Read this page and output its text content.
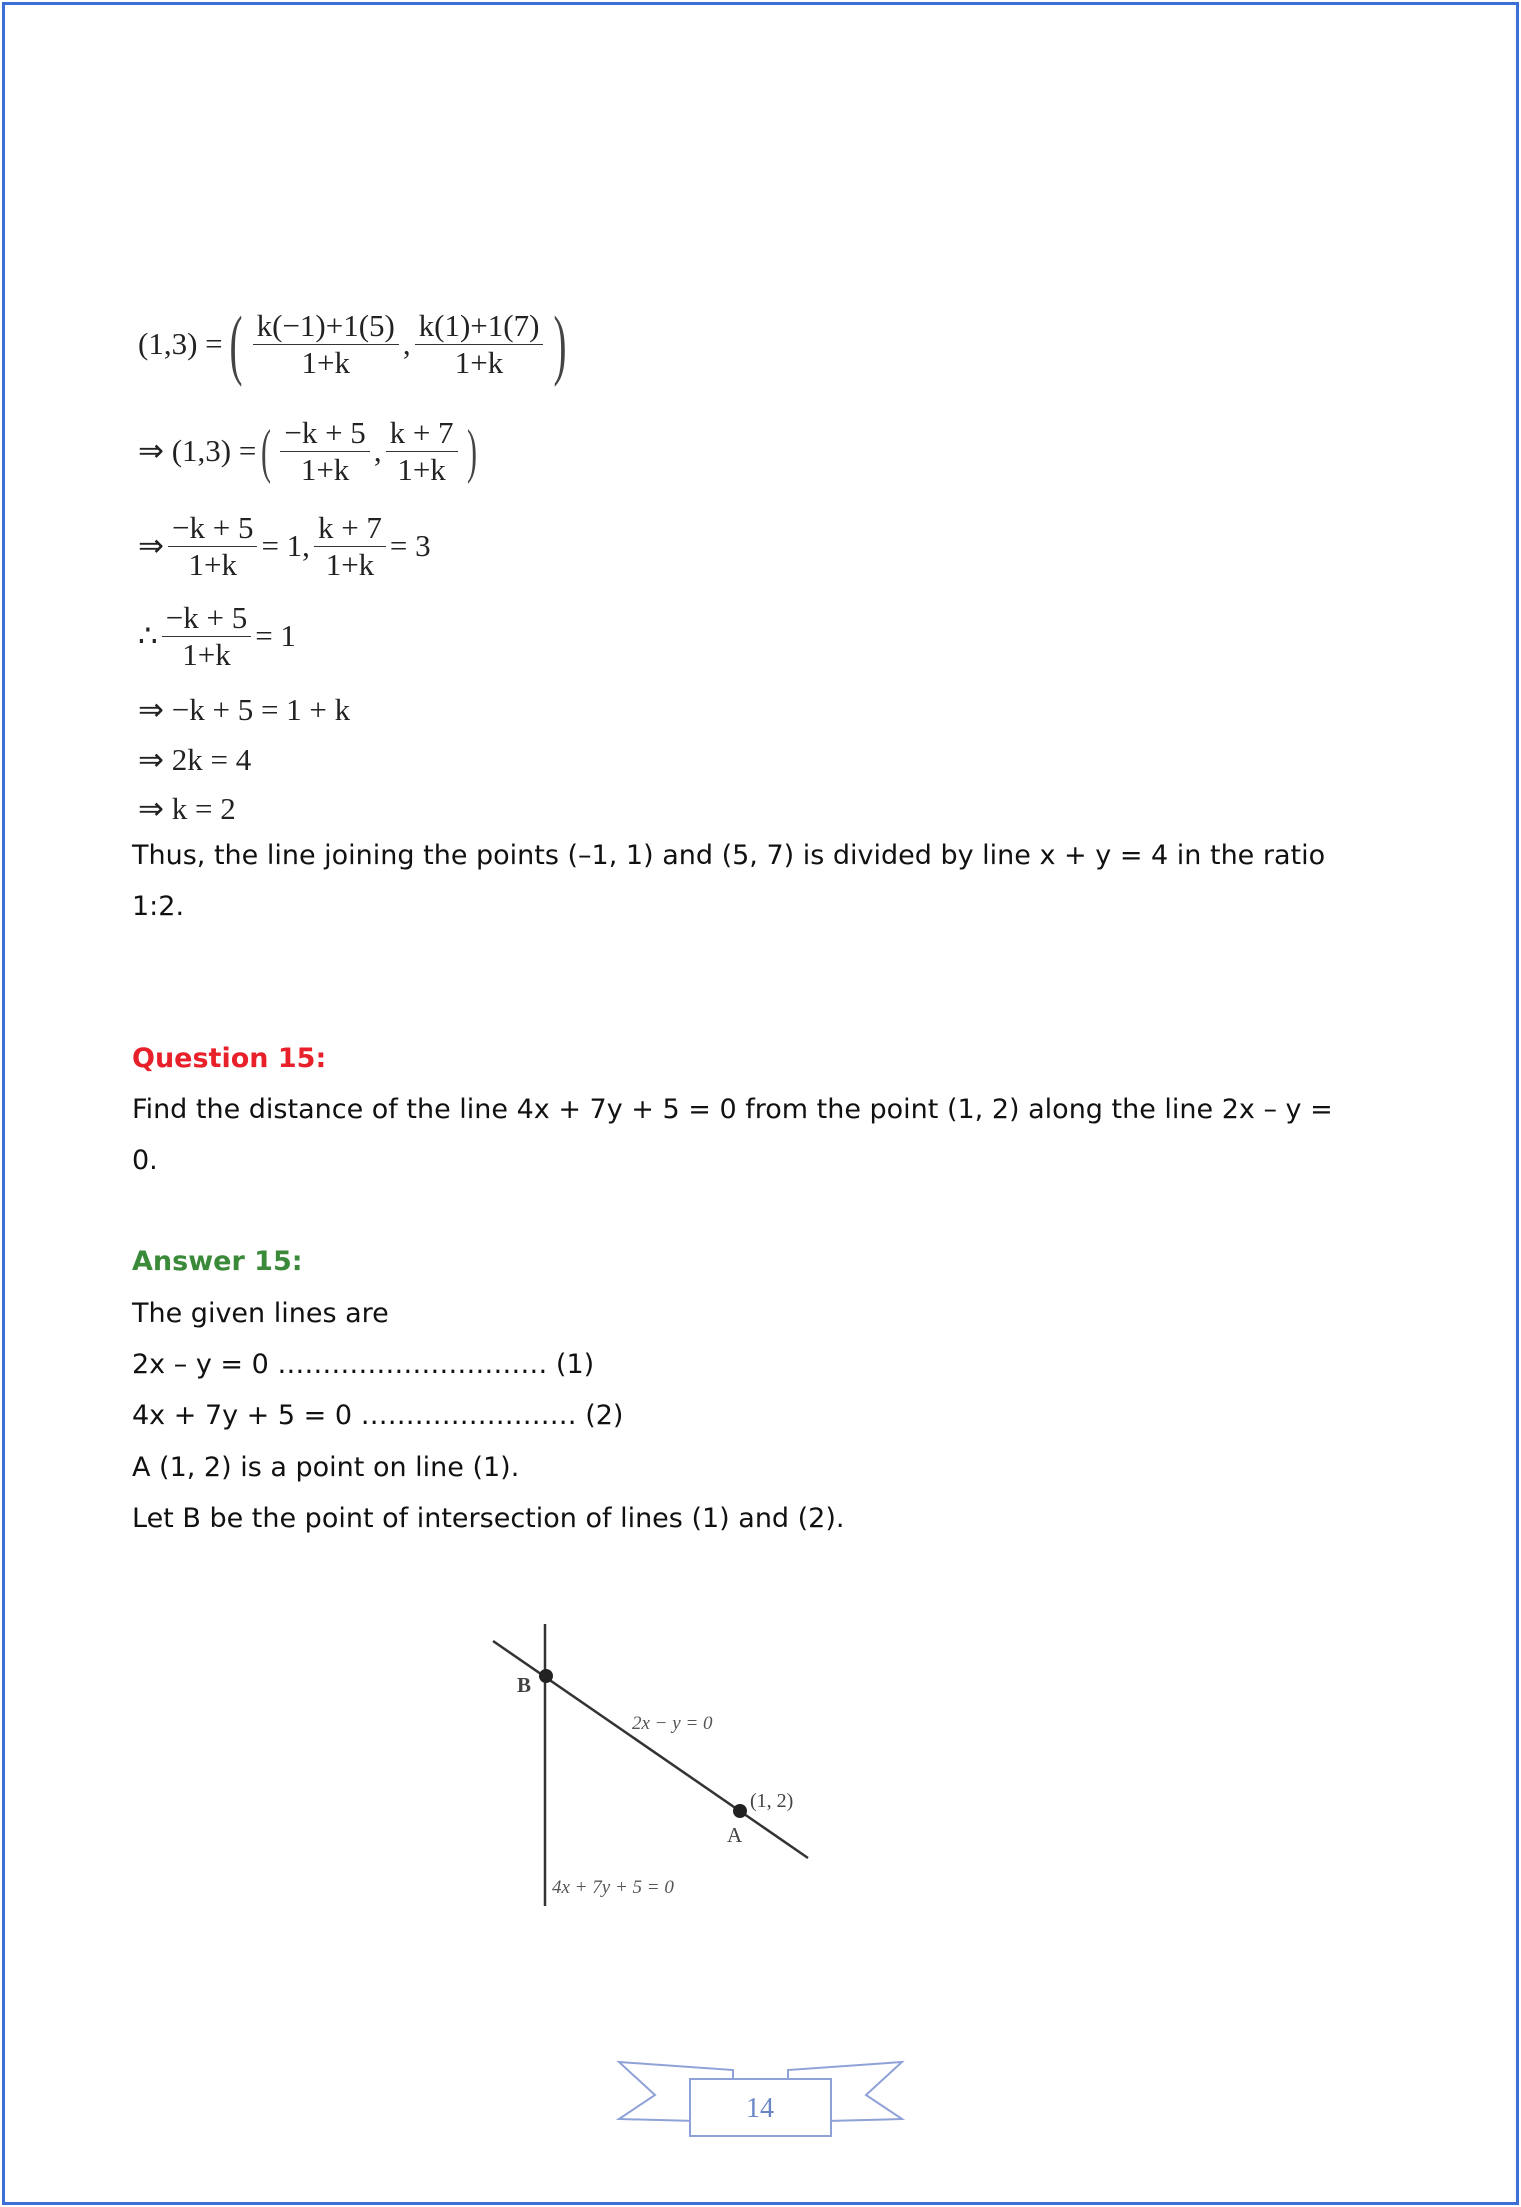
(1,3) = ( $\frac{k(-1)+1(5)}{1+k}$ , $\frac{k(1)+1(7)}{1+k}$ )
⇒ (1,3) = ( $\frac{-k + 5}{1+k}$ , $\frac{k + 7}{1+k}$ )
⇒ $\frac{-k + 5}{1+k} = 1$, $\frac{k + 7}{1+k} = 3$
∴ $\frac{-k + 5}{1+k} = 1$
⇒ −k + 5 = 1 + k
⇒ 2k = 4
⇒ k = 2
Thus, the line joining the points (–1, 1) and (5, 7) is divided by line x + y = 4 in the ratio
1:2.
Question 15:
Find the distance of the line 4x + 7y + 5 = 0 from the point (1, 2) along the line 2x – y =
0.
Answer 15:
The given lines are
2x – y = 0 ………………………… (1)
4x + 7y + 5 = 0 …………………… (2)
A (1, 2) is a point on line (1).
Let B be the point of intersection of lines (1) and (2).
B
A
(1, 2)
2x − y = 0
4x + 7y + 5 = 0
14
